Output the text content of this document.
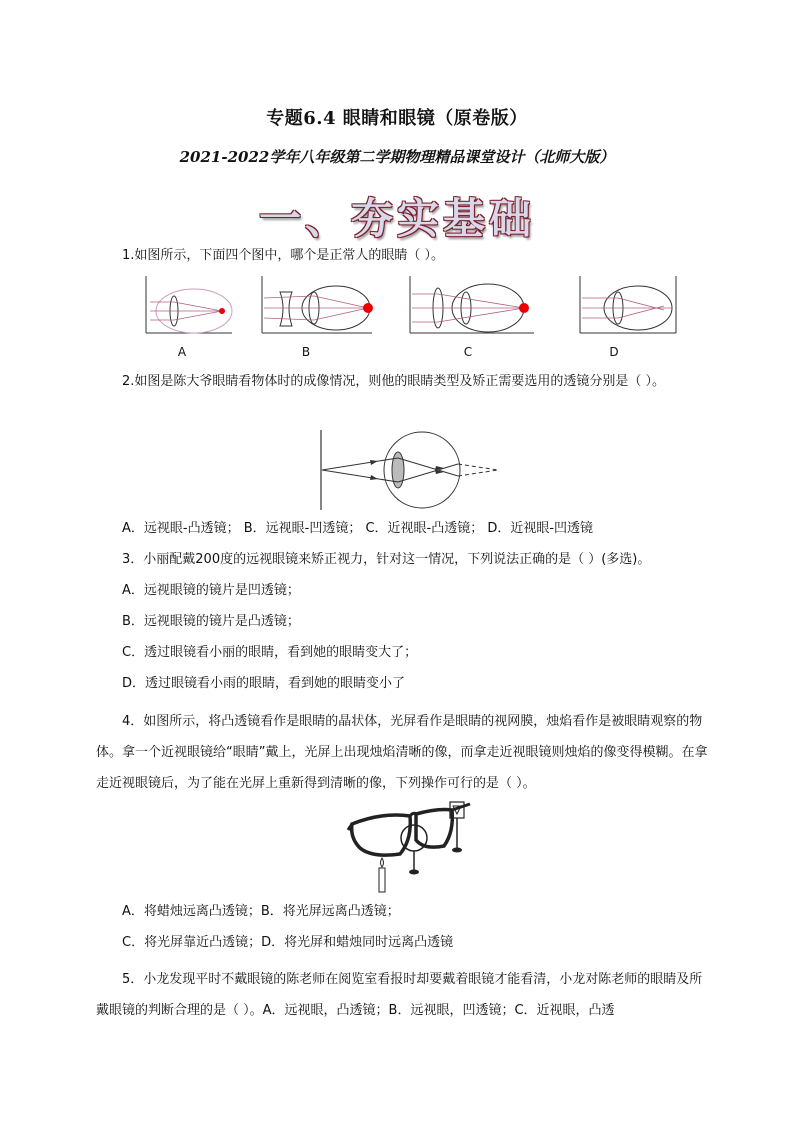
专题6.4 眼睛和眼镜（原卷版）
2021-2022学年八年级第二学期物理精品课堂设计（北师大版）
一、夯实基础
1.如图所示，下面四个图中，哪个是正常人的眼睛（ ）。
A	B	C	D
2.如图是陈大爷眼睛看物体时的成像情况，则他的眼睛类型及矫正需要选用的透镜分别是（ ）。
A．远视眼-凸透镜； B．远视眼-凹透镜； C．近视眼-凸透镜； D．近视眼-凹透镜
3．小丽配戴200度的远视眼镜来矫正视力，针对这一情况，下列说法正确的是（ ）(多选)。
A．远视眼镜的镜片是凹透镜；
B．远视眼镜的镜片是凸透镜；
C．透过眼镜看小丽的眼睛，看到她的眼睛变大了；
D．透过眼镜看小雨的眼睛，看到她的眼睛变小了
4．如图所示，将凸透镜看作是眼睛的晶状体，光屏看作是眼睛的视网膜，烛焰看作是被眼睛观察的物体。拿一个近视眼镜给“眼睛”戴上，光屏上出现烛焰清晰的像，而拿走近视眼镜则烛焰的像变得模糊。在拿走近视眼镜后，为了能在光屏上重新得到清晰的像，下列操作可行的是（ ）。
A．将蜡烛远离凸透镜；B．将光屏远离凸透镜；
C．将光屏靠近凸透镜；D．将光屏和蜡烛同时远离凸透镜
5．小龙发现平时不戴眼镜的陈老师在阅览室看报时却要戴着眼镜才能看清，小龙对陈老师的眼睛及所戴眼镜的判断合理的是（ ）。A．远视眼，凸透镜；B．远视眼，凹透镜；C．近视眼，凸透
